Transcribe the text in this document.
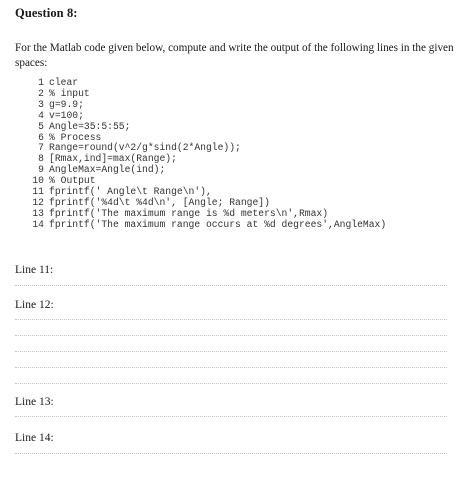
Question 8:
For the Matlab code given below, compute and write the output of the following lines in the given spaces:
1 clear
2 % input
3 g=9.9;
4 v=100;
5 Angle=35:5:55;
6 % Process
7 Range=round(v^2/g*sind(2*Angle));
8 [Rmax,ind]=max(Range);
9 AngleMax=Angle(ind);
10 % Output
11 fprintf(' Angle\t Range\n'),
12 fprintf('%4d\t %4d\n', [Angle; Range])
13 fprintf('The maximum range is %d meters\n',Rmax)
14 fprintf('The maximum range occurs at %d degrees',AngleMax)
Line 11:
Line 12:
Line 13:
Line 14:
